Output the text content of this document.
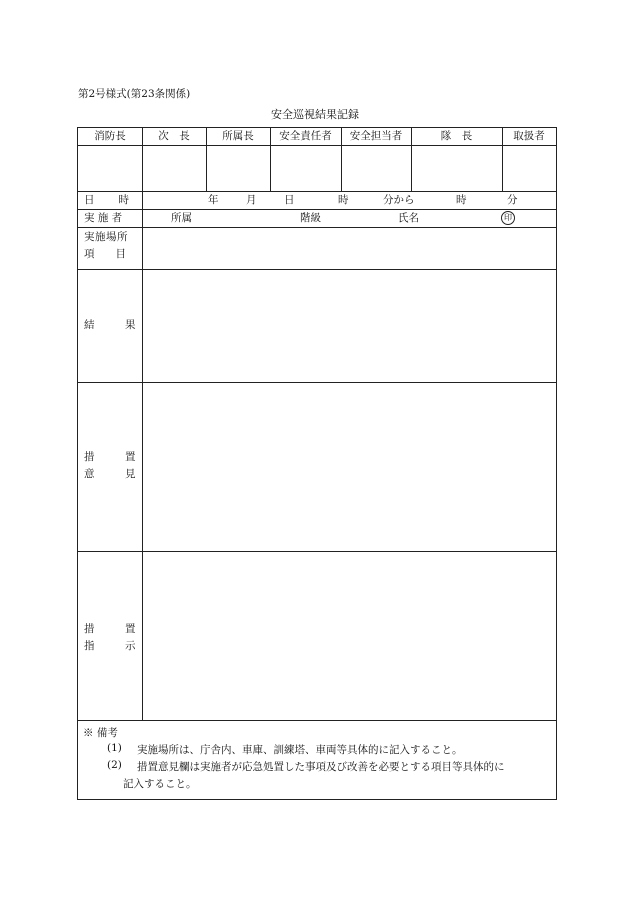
第2号様式(第23条関係)
安全巡視結果記録
消防長	次　長	所属長	安全責任者	安全担当者	隊　長	取扱者
日　　時	年	月	日	時	分から	時	分
実 施 者	所属	階級	氏名	印
実施場所
項　　目
結	果
措	置
意	見
措	置
指	示
※ 備考
(1) 実施場所は、庁舎内、車庫、訓練塔、車両等具体的に記入すること。
(2) 措置意見欄は実施者が応急処置した事項及び改善を必要とする項目等具体的に
記入すること。
